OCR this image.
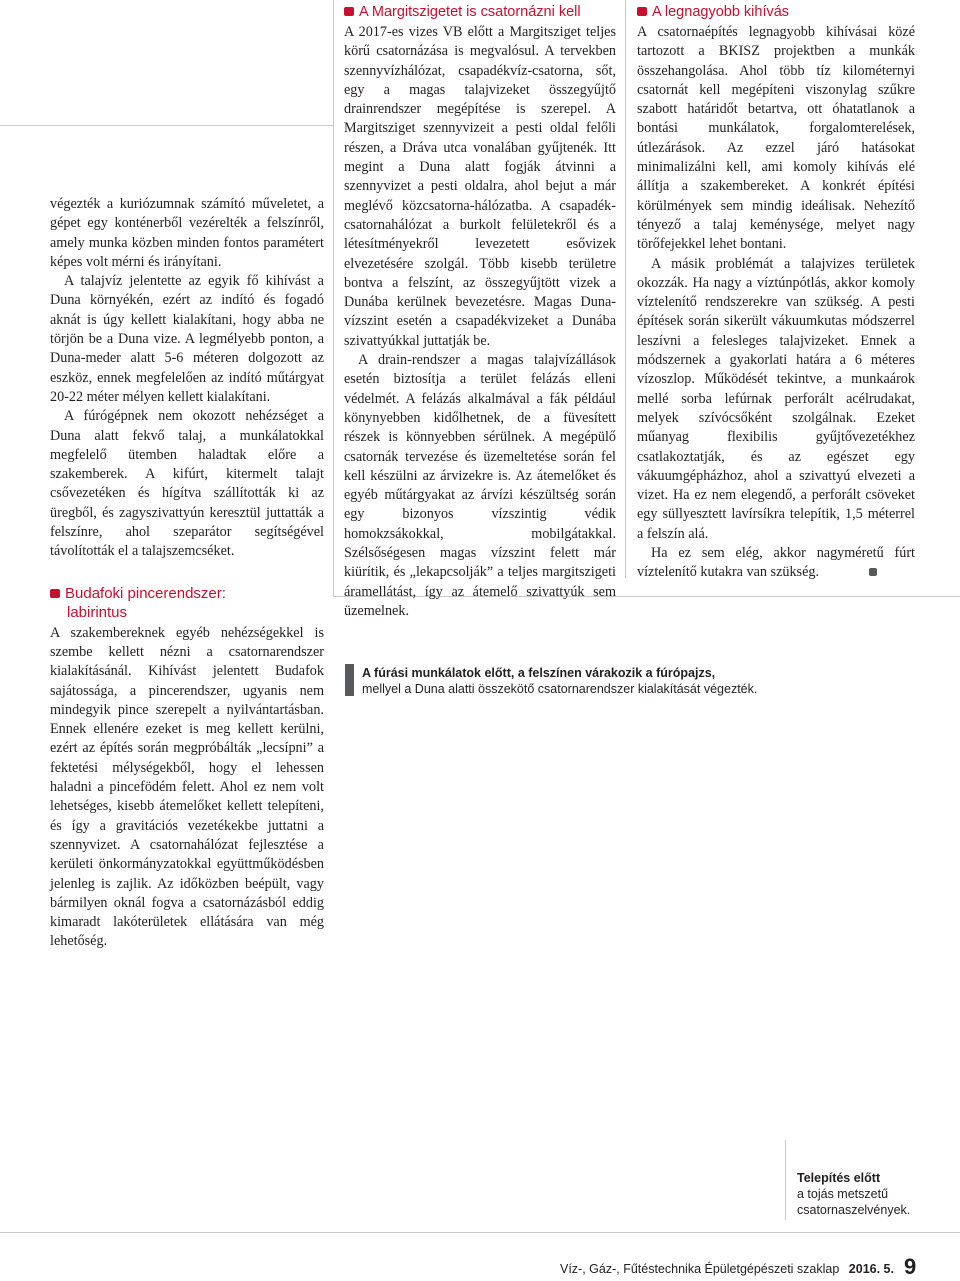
végezték a kuriózumnak számító műveletet, a gépet egy konténerből vezérelték a felszínről, amely munka közben minden fontos paramétert képes volt mérni és irányítani.

A talajvíz jelentette az egyik fő kihívást a Duna környékén, ezért az indító és fogadó aknát is úgy kellett kialakítani, hogy abba ne törjön be a Duna vize. A legmélyebb ponton, a Duna-meder alatt 5-6 méteren dolgozott az eszköz, ennek megfelelően az indító műtárgyat 20-22 méter mélyen kellett kialakítani.

A fúrógépnek nem okozott nehézséget a Duna alatt fekvő talaj, a munkálatokkal megfelelő ütemben haladtak előre a szakemberek. A kifúrt, kitermelt talajt csővezetéken és hígítva szállították ki az üregből, és zagyszivattyún keresztül juttatták a felszínre, ahol szeparátor segítségével távolították el a talajszemcséket.

Budafoki pincerendszer:
labirintus

A szakembereknek egyéb nehézségekkel is szembe kellett nézni a csatornarendszer kialakításánál. Kihívást jelentett Budafok sajátossága, a pincerendszer, ugyanis nem mindegyik pince szerepelt a nyilvántartásban. Ennek ellenére ezeket is meg kellett kerülni, ezért az építés során megpróbálták „lecsípni” a fektetési mélységekből, hogy el lehessen haladni a pincefödém felett. Ahol ez nem volt lehetséges, kisebb átemelőket kellett telepíteni, és így a gravitációs vezetékekbe juttatni a szennyvizet. A csatornahálózat fejlesztése a kerületi önkormányzatokkal együttműködésben jelenleg is zajlik. Az időközben beépült, vagy bármilyen oknál fogva a csatornázásból eddig kimaradt lakóterületek ellátására van még lehetőség.

A Margitszigetet is csatornázni kell

A 2017-es vizes VB előtt a Margitsziget teljes körű csatornázása is megvalósul. A tervekben szennyvízhálózat, csapadékvíz-csatorna, sőt, egy a magas talajvizeket összegyűjtő drainrendszer megépítése is szerepel. A Margitsziget szennyvizeit a pesti oldal felőli részen, a Dráva utca vonalában gyűjtenék. Itt megint a Duna alatt fogják átvinni a szennyvizet a pesti oldalra, ahol bejut a már meglévő közcsatorna-hálózatba. A csapadék-csatornahálózat a burkolt felületekről és a létesítményekről levezetett esővizek elvezetésére szolgál. Több kisebb területre bontva a felszínt, az összegyűjtött vizek a Dunába kerülnek bevezetésre. Magas Duna-vízszint esetén a csapadékvizeket a Dunába szivattyúkkal juttatják be.

A drain-rendszer a magas talajvízállások esetén biztosítja a terület felázás elleni védelmét. A felázás alkalmával a fák például könynyebben kidőlhetnek, de a füvesített részek is könnyebben sérülnek. A megépülő csatornák tervezése és üzemeltetése során fel kell készülni az árvizekre is. Az átemelőket és egyéb műtárgyakat az árvízi készültség során egy bizonyos vízszintig védik homokzsákokkal, mobilgátakkal. Szélsőségesen magas vízszint felett már kiürítik, és „lekapcsolják” a teljes margitszigeti áramellátást, így az átemelő szivattyúk sem üzemelnek.

A legnagyobb kihívás

A csatornaépítés legnagyobb kihívásai közé tartozott a BKISZ projektben a munkák összehangolása. Ahol több tíz kilométernyi csatornát kell megépíteni viszonylag szűkre szabott határidőt betartva, ott óhatatlanok a bontási munkálatok, forgalomterelések, útlezárások. Az ezzel járó hatásokat minimalizálni kell, ami komoly kihívás elé állítja a szakembereket. A konkrét építési körülmények sem mindig ideálisak. Nehezítő tényező a talaj keménysége, melyet nagy törőfejekkel lehet bontani.

A másik problémát a talajvizes területek okozzák. Ha nagy a víztúnpótlás, akkor komoly víztelenítő rendszerekre van szükség. A pesti építések során sikerült vákuumkutas módszerrel leszívni a felesleges talajvizeket. Ennek a módszernek a gyakorlati határa a 6 méteres vízoszlop. Működését tekintve, a munkaárok mellé sorba lefúrnak perforált acélrudakat, melyek szívócsőként szolgálnak. Ezeket műanyag flexibilis gyűjtővezetékhez csatlakoztatják, és az egészet egy vákuumgépházhoz, ahol a szivattyú elvezeti a vizet. Ha ez nem elegendő, a perforált csöveket egy süllyesztett lavírsíkra telepítik, 1,5 méterrel a felszín alá.

Ha ez sem elég, akkor nagyméretű fúrt víztelenítő kutakra van szükség.

A fúrási munkálatok előtt, a felszínen várakozik a fúrópajzs,
mellyel a Duna alatti összekötő csatornarendszer kialakítását végezték.
Telepítés előtt
a tojás metszetű
csatornaszelvények.
Víz-, Gáz-, Fűtéstechnika Épületgépészeti szaklap 2016. 5. 9
